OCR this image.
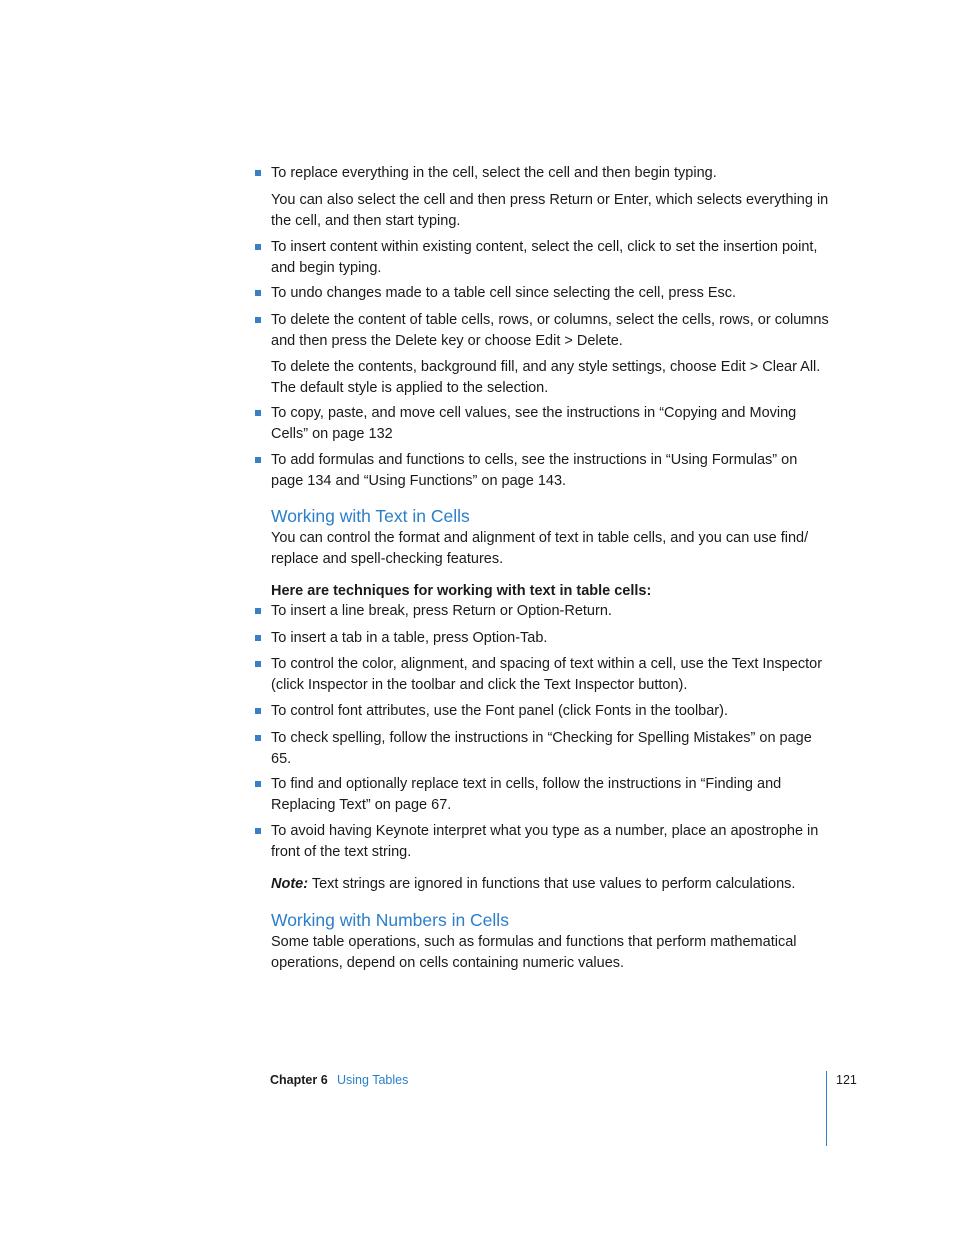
To replace everything in the cell, select the cell and then begin typing.
You can also select the cell and then press Return or Enter, which selects everything in the cell, and then start typing.
To insert content within existing content, select the cell, click to set the insertion point, and begin typing.
To undo changes made to a table cell since selecting the cell, press Esc.
To delete the content of table cells, rows, or columns, select the cells, rows, or columns and then press the Delete key or choose Edit > Delete.
To delete the contents, background fill, and any style settings, choose Edit > Clear All. The default style is applied to the selection.
To copy, paste, and move cell values, see the instructions in “Copying and Moving Cells” on page 132
To add formulas and functions to cells, see the instructions in “Using Formulas” on page 134 and “Using Functions” on page 143.
Working with Text in Cells
You can control the format and alignment of text in table cells, and you can use find/ replace and spell-checking features.
Here are techniques for working with text in table cells:
To insert a line break, press Return or Option-Return.
To insert a tab in a table, press Option-Tab.
To control the color, alignment, and spacing of text within a cell, use the Text Inspector (click Inspector in the toolbar and click the Text Inspector button).
To control font attributes, use the Font panel (click Fonts in the toolbar).
To check spelling, follow the instructions in “Checking for Spelling Mistakes” on page 65.
To find and optionally replace text in cells, follow the instructions in “Finding and Replacing Text” on page 67.
To avoid having Keynote interpret what you type as a number, place an apostrophe in front of the text string.
Note: Text strings are ignored in functions that use values to perform calculations.
Working with Numbers in Cells
Some table operations, such as formulas and functions that perform mathematical operations, depend on cells containing numeric values.
Chapter 6 Using Tables	121
